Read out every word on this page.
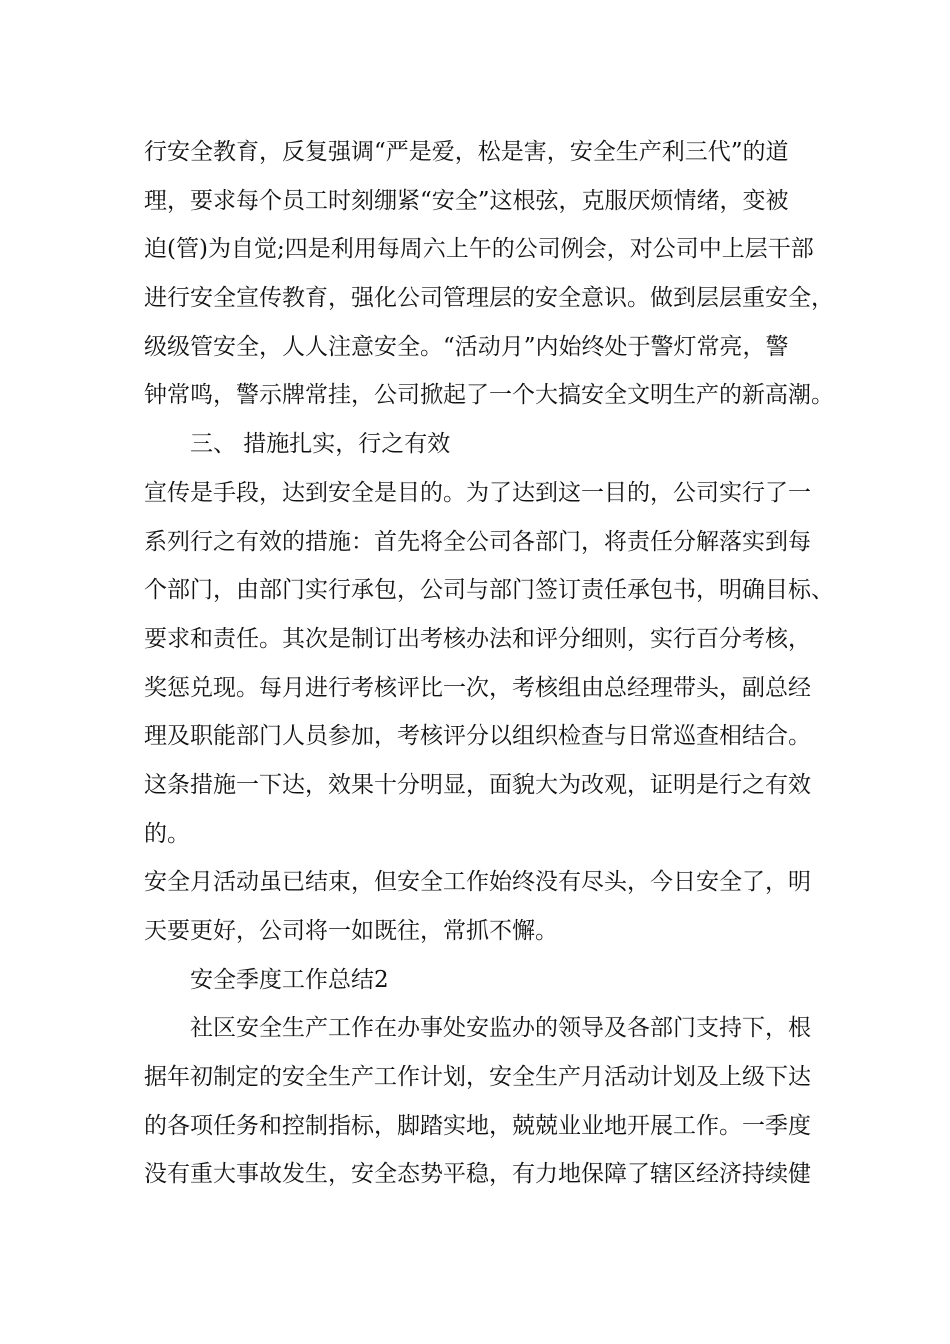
行安全教育，反复强调“严是爱，松是害，安全生产利三代”的道
理，要求每个员工时刻绷紧“安全”这根弦，克服厌烦情绪，变被
迫(管)为自觉;四是利用每周六上午的公司例会，对公司中上层干部
进行安全宣传教育，强化公司管理层的安全意识。做到层层重安全，
级级管安全，人人注意安全。“活动月”内始终处于警灯常亮，警
钟常鸣，警示牌常挂，公司掀起了一个大搞安全文明生产的新高潮。
三、 措施扎实，行之有效
宣传是手段，达到安全是目的。为了达到这一目的，公司实行了一
系列行之有效的措施：首先将全公司各部门，将责任分解落实到每
个部门，由部门实行承包，公司与部门签订责任承包书，明确目标、
要求和责任。其次是制订出考核办法和评分细则，实行百分考核，
奖惩兑现。每月进行考核评比一次，考核组由总经理带头，副总经
理及职能部门人员参加，考核评分以组织检查与日常巡查相结合。
这条措施一下达，效果十分明显，面貌大为改观，证明是行之有效
的。
安全月活动虽已结束，但安全工作始终没有尽头，今日安全了，明
天要更好，公司将一如既往，常抓不懈。
安全季度工作总结2
社区安全生产工作在办事处安监办的领导及各部门支持下，根
据年初制定的安全生产工作计划，安全生产月活动计划及上级下达
的各项任务和控制指标，脚踏实地，兢兢业业地开展工作。一季度
没有重大事故发生，安全态势平稳，有力地保障了辖区经济持续健
